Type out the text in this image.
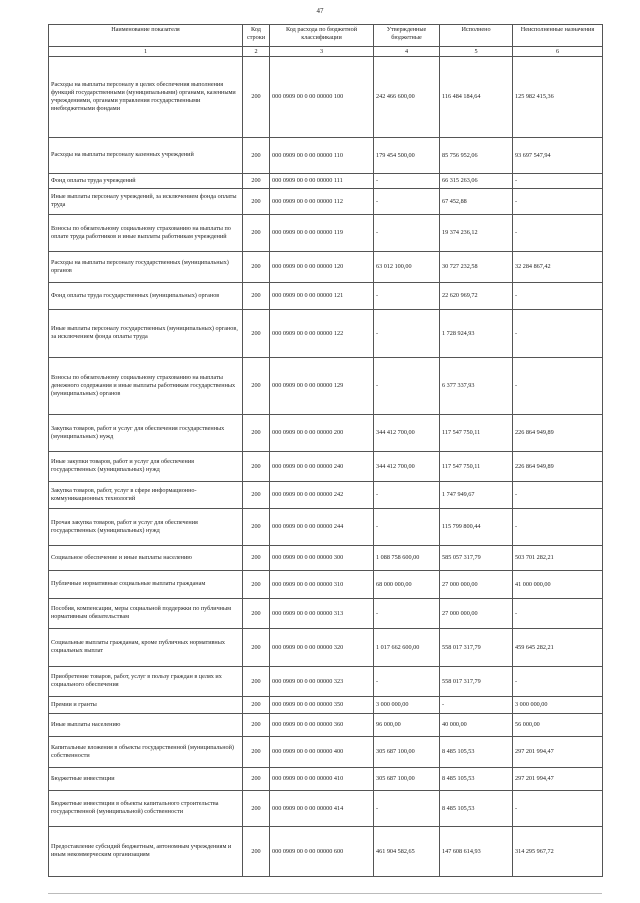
47
Наименование показателя	Код строки	Код расхода по бюджетной классификации	Утвержденные бюджетные	Исполнено	Неисполненные назначения
1	2	3	4	5	6
Расходы на выплаты персоналу в целях обеспечения выполнения функций государственными (муниципальными) органами, казенными учреждениями, органами управления государственными внебюджетными фондами	200	000 0909 00 0 00 00000 100	242 466 600,00	116 484 184,64	125 982 415,36
Расходы на выплаты персоналу казенных учреждений	200	000 0909 00 0 00 00000 110	179 454 500,00	85 756 952,06	93 697 547,94
Фонд оплаты труда учреждений	200	000 0909 00 0 00 00000 111	-	66 315 263,06	-
Иные выплаты персоналу учреждений, за исключением фонда оплаты труда	200	000 0909 00 0 00 00000 112	-	67 452,88	-
Взносы по обязательному социальному страхованию на выплаты по оплате труда работников и иные выплаты работникам учреждений	200	000 0909 00 0 00 00000 119	-	19 374 236,12	-
Расходы на выплаты персоналу государственных (муниципальных) органов	200	000 0909 00 0 00 00000 120	63 012 100,00	30 727 232,58	32 284 867,42
Фонд оплаты труда государственных (муниципальных) органов	200	000 0909 00 0 00 00000 121	-	22 620 969,72	-
Иные выплаты персоналу государственных (муниципальных) органов, за исключением фонда оплаты труда	200	000 0909 00 0 00 00000 122	-	1 728 924,93	-
Взносы по обязательному социальному страхованию на выплаты денежного содержания и иные выплаты работникам государственных (муниципальных) органов	200	000 0909 00 0 00 00000 129	-	6 377 337,93	-
Закупка товаров, работ и услуг для обеспечения государственных (муниципальных) нужд	200	000 0909 00 0 00 00000 200	344 412 700,00	117 547 750,11	226 864 949,89
Иные закупки товаров, работ и услуг для обеспечения государственных (муниципальных) нужд	200	000 0909 00 0 00 00000 240	344 412 700,00	117 547 750,11	226 864 949,89
Закупка товаров, работ, услуг в сфере информационно-коммуникационных технологий	200	000 0909 00 0 00 00000 242	-	1 747 949,67	-
Прочая закупка товаров, работ и услуг для обеспечения государственных (муниципальных) нужд	200	000 0909 00 0 00 00000 244	-	115 799 800,44	-
Социальное обеспечение и иные выплаты населению	200	000 0909 00 0 00 00000 300	1 088 758 600,00	585 057 317,79	503 701 282,21
Публичные нормативные социальные выплаты гражданам	200	000 0909 00 0 00 00000 310	68 000 000,00	27 000 000,00	41 000 000,00
Пособия, компенсации, меры социальной поддержки по публичным нормативным обязательствам	200	000 0909 00 0 00 00000 313	-	27 000 000,00	-
Социальные выплаты гражданам, кроме публичных нормативных социальных выплат	200	000 0909 00 0 00 00000 320	1 017 662 600,00	558 017 317,79	459 645 282,21
Приобретение товаров, работ, услуг в пользу граждан в целях их социального обеспечения	200	000 0909 00 0 00 00000 323	-	558 017 317,79	-
Премии и гранты	200	000 0909 00 0 00 00000 350	3 000 000,00	-	3 000 000,00
Иные выплаты населению	200	000 0909 00 0 00 00000 360	96 000,00	40 000,00	56 000,00
Капитальные вложения в объекты государственной (муниципальной) собственности	200	000 0909 00 0 00 00000 400	305 687 100,00	8 485 105,53	297 201 994,47
Бюджетные инвестиции	200	000 0909 00 0 00 00000 410	305 687 100,00	8 485 105,53	297 201 994,47
Бюджетные инвестиции в объекты капитального строительства государственной (муниципальной) собственности	200	000 0909 00 0 00 00000 414	-	8 485 105,53	-
Предоставление субсидий бюджетным, автономным учреждениям и иным некоммерческим организациям	200	000 0909 00 0 00 00000 600	461 904 582,65	147 608 614,93	314 295 967,72
